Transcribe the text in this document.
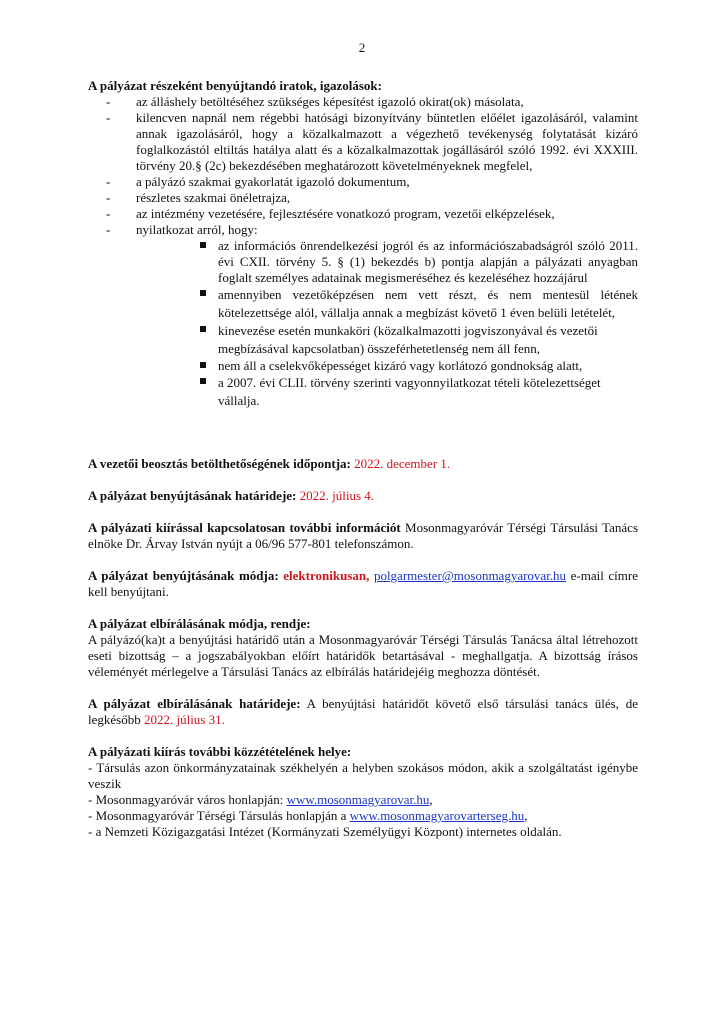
2
A pályázat részeként benyújtandó iratok, igazolások:
- az álláshely betöltéséhez szükséges képesítést igazoló okirat(ok) másolata,
- kilencven napnál nem régebbi hatósági bizonyítvány büntetlen előélet igazolásáról, valamint annak igazolásáról, hogy a közalkalmazott a végezhető tevékenység folytatását kizáró foglalkozástól eltiltás hatálya alatt és a közalkalmazottak jogállásáról szóló 1992. évi XXXIII. törvény 20.§ (2c) bekezdésében meghatározott követelményeknek megfelel,
- a pályázó szakmai gyakorlatát igazoló dokumentum,
- részletes szakmai önéletrajza,
- az intézmény vezetésére, fejlesztésére vonatkozó program, vezetői elképzelések,
- nyilatkozat arról, hogy:
az információs önrendelkezési jogról és az információszabadságról szóló 2011. évi CXII. törvény 5. § (1) bekezdés b) pontja alapján a pályázati anyagban foglalt személyes adatainak megismeréséhez és kezeléséhez hozzájárul
amennyiben vezetőképzésen nem vett részt, és nem mentesül létének kötelezettsége alól, vállalja annak a megbízást követő 1 éven belüli letételét,
kinevezése esetén munkaköri (közalkalmazotti jogviszonyával és vezetői megbízásával kapcsolatban) összeférhetetlenség nem áll fenn,
nem áll a cselekvőképességet kizáró vagy korlátozó gondnokság alatt,
a 2007. évi CLII. törvény szerinti vagyonnyilatkozat tételi kötelezettséget vállalja.
A vezetői beosztás betölthetőségének időpontja: 2022. december 1.
A pályázat benyújtásának határideje: 2022. július 4.
A pályázati kiírással kapcsolatosan további információt Mosonmagyaróvár Térségi Társulási Tanács elnöke Dr. Árvay István nyújt a 06/96 577-801 telefonszámon.
A pályázat benyújtásának módja: elektronikusan, polgarmester@mosonmagyarovar.hu e-mail címre kell benyújtani.
A pályázat elbírálásának módja, rendje:
A pályázó(ka)t a benyújtási határidő után a Mosonmagyaróvár Térségi Társulás Tanácsa által létrehozott eseti bizottság – a jogszabályokban előírt határidők betartásával - meghallgatja. A bizottság írásos véleményét mérlegelve a Társulási Tanács az elbírálás határidejéig meghozza döntését.
A pályázat elbírálásának határideje: A benyújtási határidőt követő első társulási tanács ülés, de legkésőbb 2022. július 31.
A pályázati kiírás további közzétételének helye:
- Társulás azon önkormányzatainak székhelyén a helyben szokásos módon, akik a szolgáltatást igénybe veszik
- Mosonmagyaróvár város honlapján: www.mosonmagyarovar.hu,
- Mosonmagyaróvár Térségi Társulás honlapján a www.mosonmagyarovarterseg.hu,
- a Nemzeti Közigazgatási Intézet (Kormányzati Személyügyi Központ) internetes oldalán.
